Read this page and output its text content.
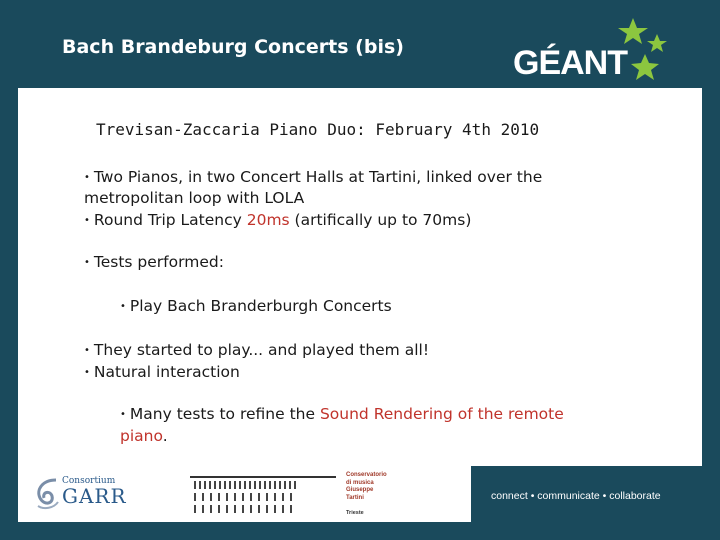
Bach Brandeburg Concerts (bis)	GÉANT
Trevisan-Zaccaria Piano Duo: February 4th 2010
• Two Pianos, in two Concert Halls at Tartini, linked over the
metropolitan loop with LOLA
• Round Trip Latency 20ms (artifically up to 70ms)
• Tests performed:
• Play Bach Branderburgh Concerts
• They started to play... and played them all!
• Natural interaction
• Many tests to refine the Sound Rendering of the remote
piano.
Consortium
GARR
Conservatorio
di musica
Giuseppe
Tartini
Trieste
connect • communicate • collaborate
